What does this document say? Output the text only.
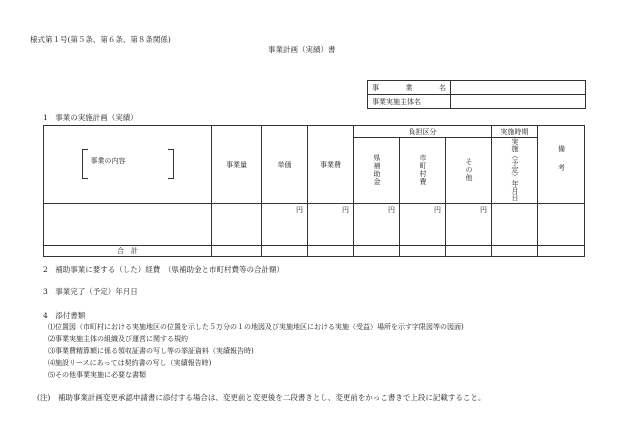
様式第１号(第５条、第６条、第８条関係)
事業計画（実績）書
事 業 名	

事業実施主体名	
1　事業の実施計画（実績）
事業の内容	事業量	単価	事業費	負担区分			実施時期	備考
				県補助金	市町村費	その他	実施（予定）年月日	
		円	円	円	円	円		
合　計								
2　補助事業に要する（した）経費　（県補助金と市町村費等の合計額）
3　事業完了（予定）年月日
4　添付書類
⑴位置図（市町村における実施地区の位置を示した５万分の１の地図及び実施地区における実施（受益）場所を示す字限図等の図面)
⑵事業実施主体の組織及び運営に関する規約
⑶事業費精算額に係る領収証書の写し等の挙証資料（実績報告時)
⑷施設リースにあっては契約書の写し（実績報告時)
⑸その他事業実施に必要な書類
(注)　補助事業計画変更承認申請書に添付する場合は、変更前と変更後を二段書きとし、変更前をかっこ書きで上段に記載すること。
